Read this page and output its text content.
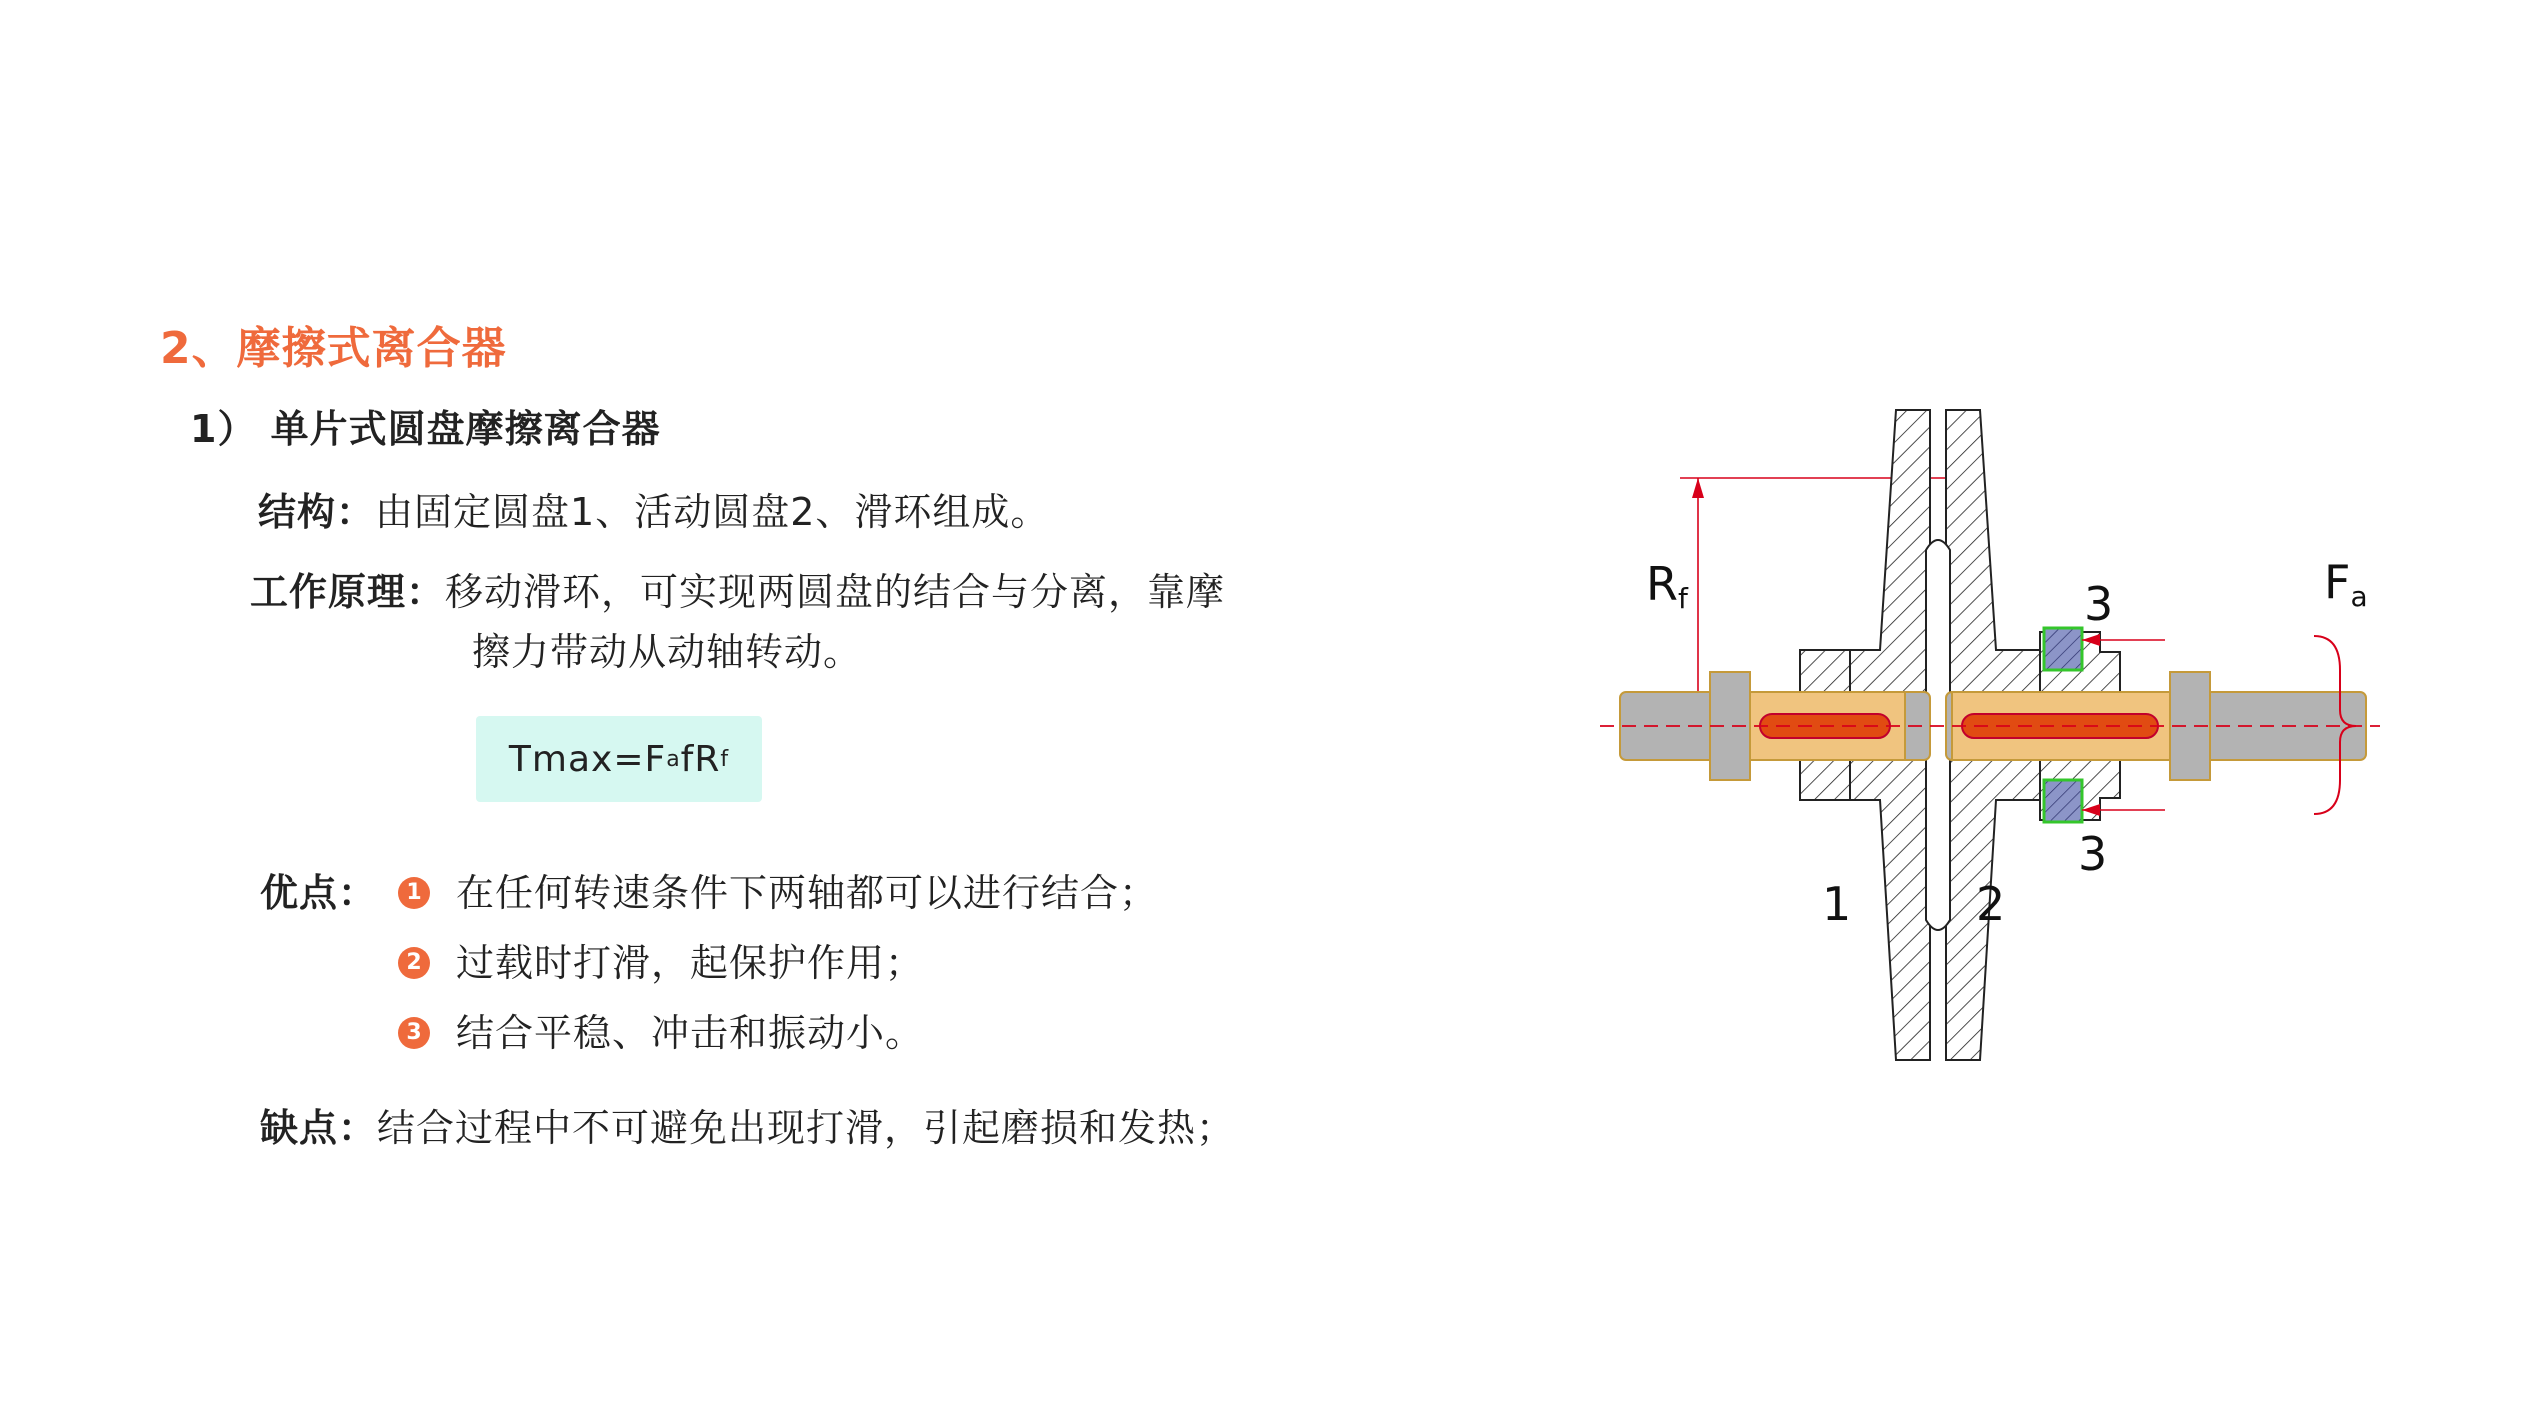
2、摩擦式离合器
1） 单片式圆盘摩擦离合器
结构：由固定圆盘1、活动圆盘2、滑环组成。
工作原理：移动滑环，可实现两圆盘的结合与分离，靠摩
擦力带动从动轴转动。
Tmax=F a fR f
优点：	1 在任何转速条件下两轴都可以进行结合；
2 过载时打滑，起保护作用；
3 结合平稳、冲击和振动小。
缺点：结合过程中不可避免出现打滑，引起磨损和发热；
Rf	Fa
3
3
1	2
